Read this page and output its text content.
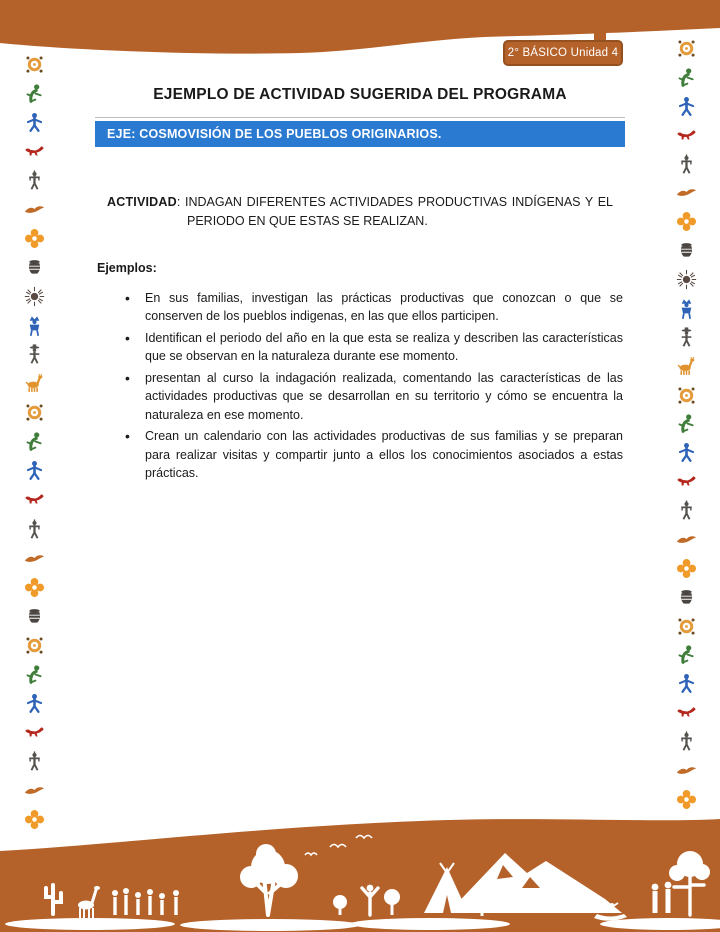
2° BÁSICO Unidad 4
EJEMPLO DE ACTIVIDAD SUGERIDA DEL PROGRAMA
EJE: COSMOVISIÓN DE LOS PUEBLOS ORIGINARIOS.

ACTIVIDAD: INDAGAN DIFERENTES ACTIVIDADES PRODUCTIVAS INDÍGENAS Y EL PERIODO EN QUE ESTAS SE REALIZAN.

Ejemplos:
• En sus familias, investigan las prácticas productivas que conozcan o que se conserven de los pueblos indigenas, en las que ellos participen.
• Identifican el periodo del año en la que esta se realiza y describen las características que se observan en la naturaleza durante ese momento.
• presentan al curso la indagación realizada, comentando las características de las actividades productivas que se desarrollan en su territorio y cómo se encuentra la naturaleza en ese momento.
• Crean un calendario con las actividades productivas de sus familias y se preparan para realizar visitas y compartir junto a ellos los conocimientos asociados a estas prácticas.
